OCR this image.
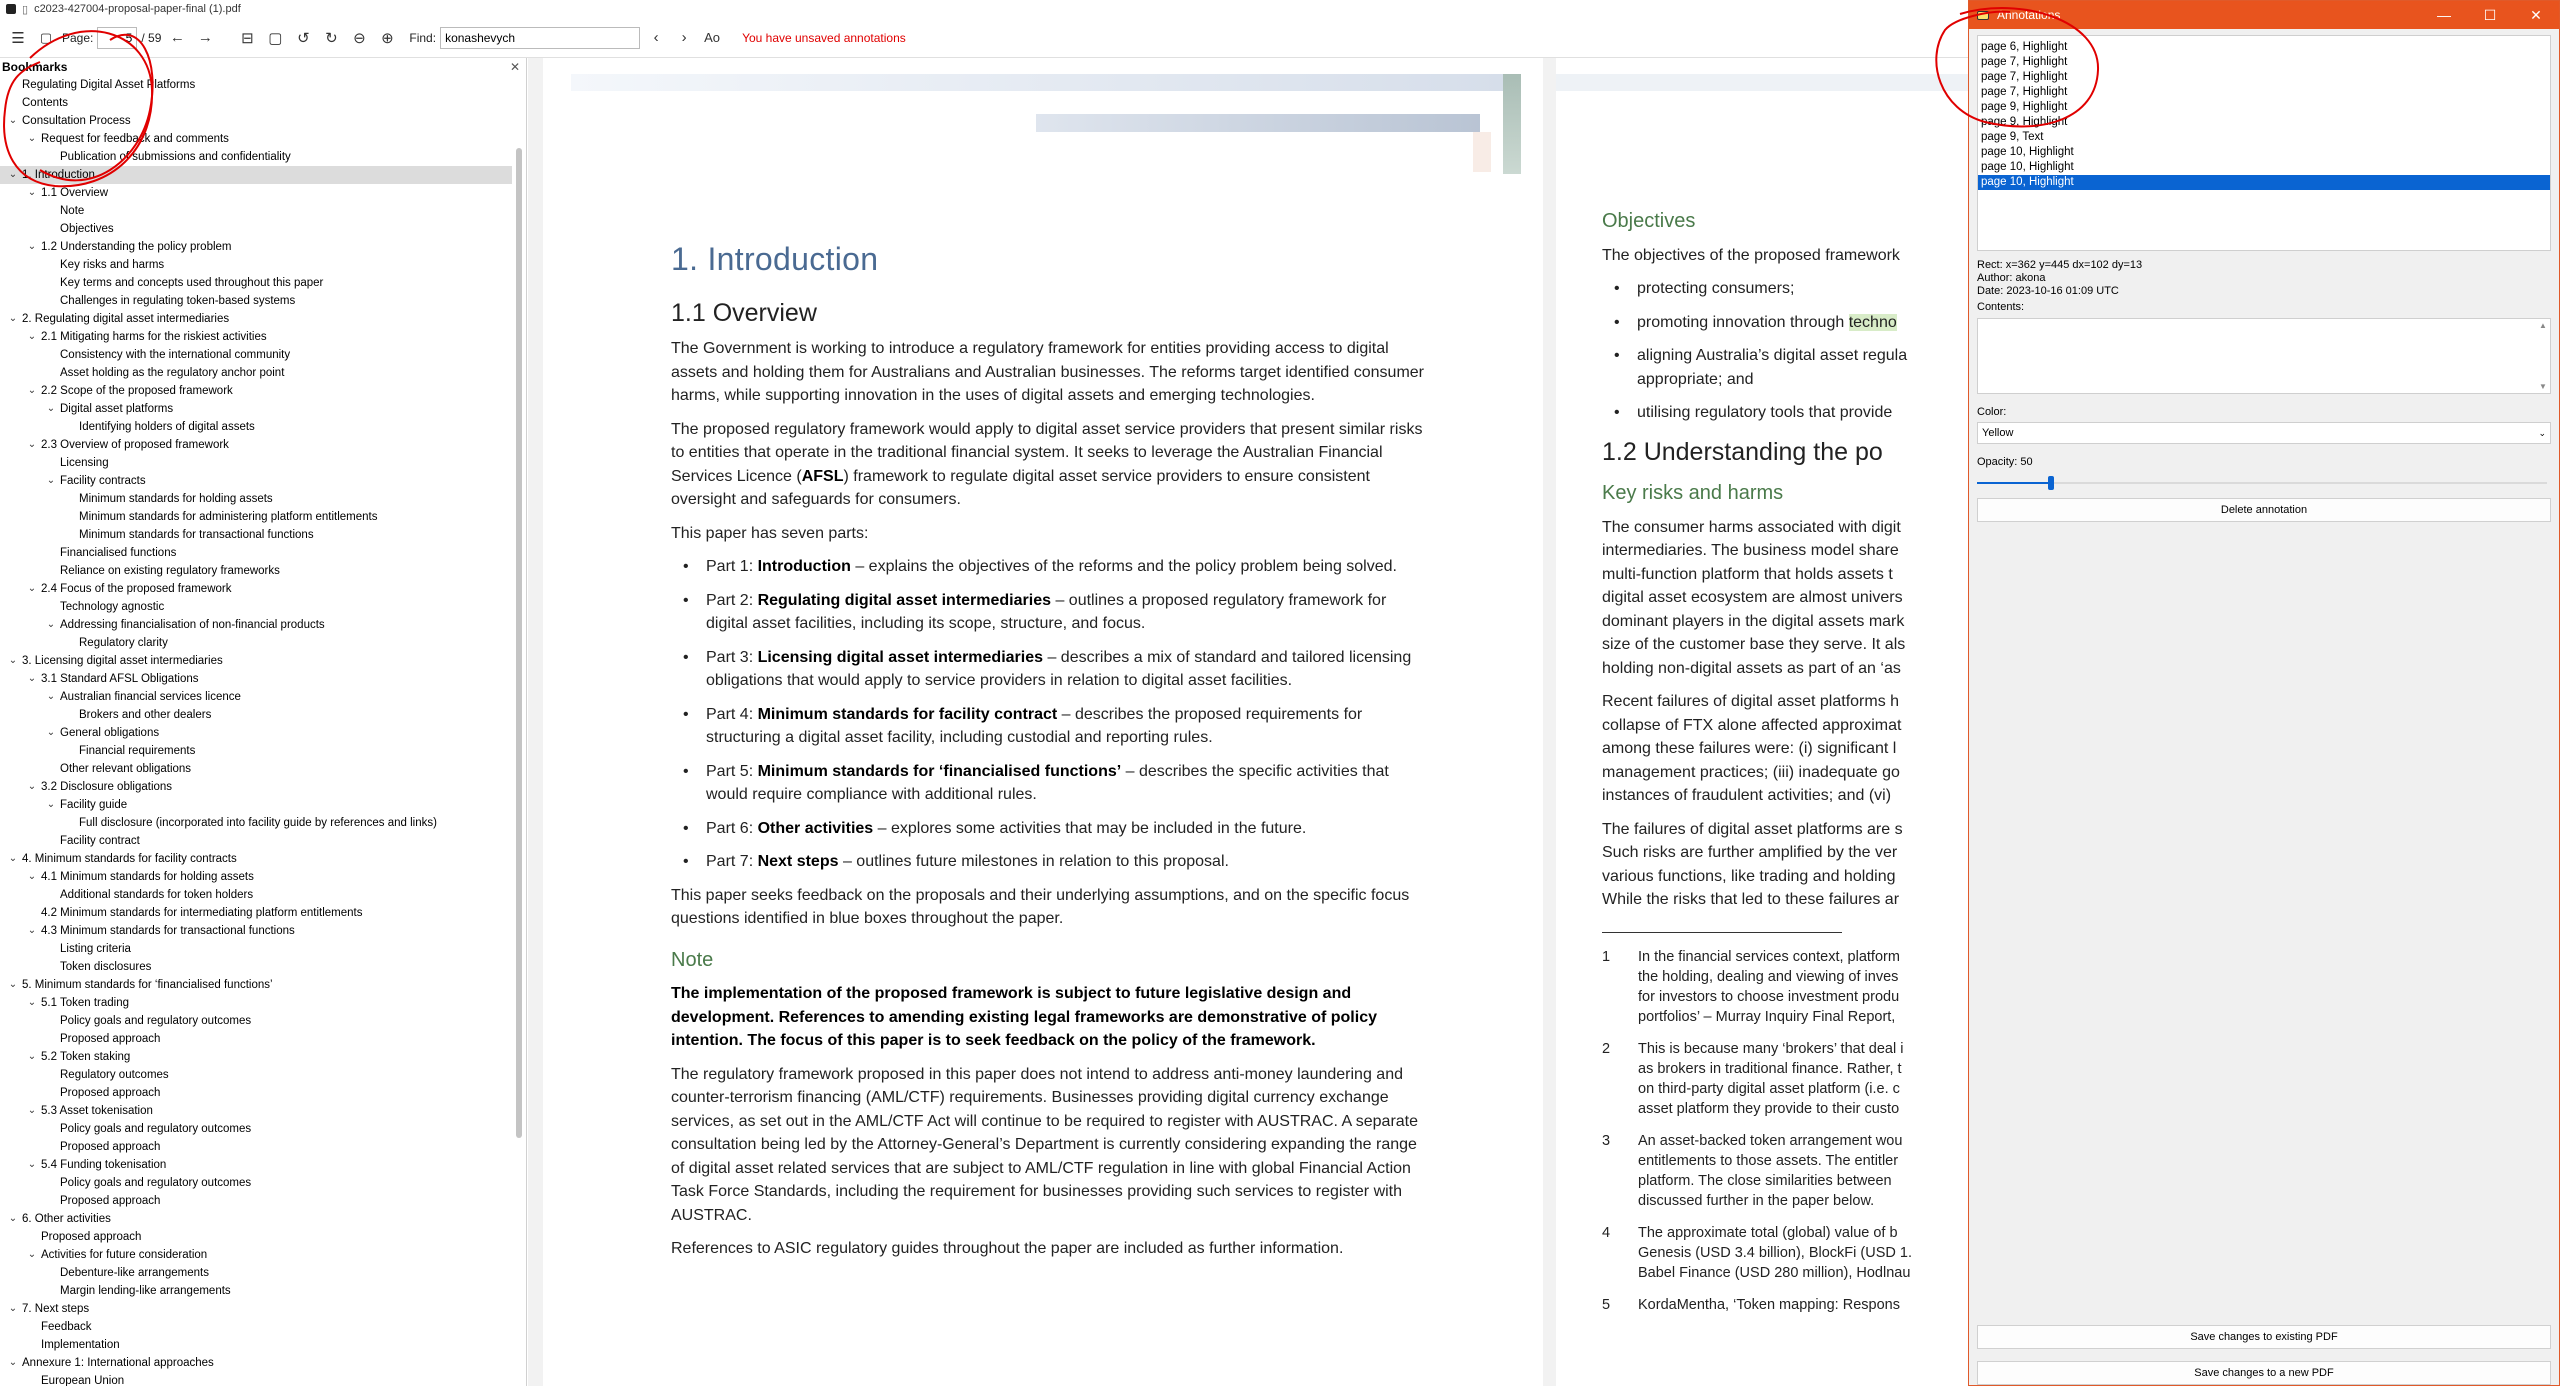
▯ c2023-427004-proposal-paper-final (1).pdf
☰	▢ Page:
5	/ 59 ← →	⊟ ▢ ↺	↻	⊖	⊕	Find:
konashevych	‹	›	Aᴏ	You have unsaved annotations
Bookmarks	✕
Regulating Digital Asset Platforms
Contents
⌄ Consultation Process
⌄ Request for feedback and comments
Publication of submissions and confidentiality
⌄ 1. Introduction
⌄ 1.1 Overview
Note
Objectives
⌄ 1.2 Understanding the policy problem
Key risks and harms
Key terms and concepts used throughout this paper
Challenges in regulating token-based systems
⌄ 2. Regulating digital asset intermediaries
⌄ 2.1 Mitigating harms for the riskiest activities
Consistency with the international community
Asset holding as the regulatory anchor point
⌄ 2.2 Scope of the proposed framework
⌄ Digital asset platforms
Identifying holders of digital assets
⌄ 2.3 Overview of proposed framework
Licensing
⌄ Facility contracts
Minimum standards for holding assets
Minimum standards for administering platform entitlements
Minimum standards for transactional functions
Financialised functions
Reliance on existing regulatory frameworks
⌄ 2.4 Focus of the proposed framework
Technology agnostic
⌄ Addressing financialisation of non-financial products
Regulatory clarity
⌄ 3. Licensing digital asset intermediaries
⌄ 3.1 Standard AFSL Obligations
⌄ Australian financial services licence
Brokers and other dealers
⌄ General obligations
Financial requirements
Other relevant obligations
⌄ 3.2 Disclosure obligations
⌄ Facility guide
Full disclosure (incorporated into facility guide by references and links)
Facility contract
⌄ 4. Minimum standards for facility contracts
⌄ 4.1 Minimum standards for holding assets
Additional standards for token holders
4.2 Minimum standards for intermediating platform entitlements
⌄ 4.3 Minimum standards for transactional functions
Listing criteria
Token disclosures
⌄ 5. Minimum standards for ‘financialised functions’
⌄ 5.1 Token trading
Policy goals and regulatory outcomes
Proposed approach
⌄ 5.2 Token staking
Regulatory outcomes
Proposed approach
⌄ 5.3 Asset tokenisation
Policy goals and regulatory outcomes
Proposed approach
⌄ 5.4 Funding tokenisation
Policy goals and regulatory outcomes
Proposed approach
⌄ 6. Other activities
Proposed approach
⌄ Activities for future consideration
Debenture-like arrangements
Margin lending-like arrangements
⌄ 7. Next steps
Feedback
Implementation
⌄ Annexure 1: International approaches
European Union
1. Introduction
1.1 Overview
The Government is working to introduce a regulatory framework for entities providing access to digital assets and holding them for Australians and Australian businesses. The reforms target identified consumer harms, while supporting innovation in the uses of digital assets and emerging technologies.
The proposed regulatory framework would apply to digital asset service providers that present similar risks to entities that operate in the traditional financial system. It seeks to leverage the Australian Financial Services Licence (AFSL) framework to regulate digital asset service providers to ensure consistent oversight and safeguards for consumers.
This paper has seven parts:
• Part 1: Introduction – explains the objectives of the reforms and the policy problem being solved.
• Part 2: Regulating digital asset intermediaries – outlines a proposed regulatory framework for digital asset facilities, including its scope, structure, and focus.
• Part 3: Licensing digital asset intermediaries – describes a mix of standard and tailored licensing obligations that would apply to service providers in relation to digital asset facilities.
• Part 4: Minimum standards for facility contract – describes the proposed requirements for structuring a digital asset facility, including custodial and reporting rules.
• Part 5: Minimum standards for ‘financialised functions’ – describes the specific activities that would require compliance with additional rules.
• Part 6: Other activities – explores some activities that may be included in the future.
• Part 7: Next steps – outlines future milestones in relation to this proposal.
This paper seeks feedback on the proposals and their underlying assumptions, and on the specific focus questions identified in blue boxes throughout the paper.
Note
The implementation of the proposed framework is subject to future legislative design and development. References to amending existing legal frameworks are demonstrative of policy intention. The focus of this paper is to seek feedback on the policy of the framework.
The regulatory framework proposed in this paper does not intend to address anti-money laundering and counter-terrorism financing (AML/CTF) requirements. Businesses providing digital currency exchange services, as set out in the AML/CTF Act will continue to be required to register with AUSTRAC. A separate consultation being led by the Attorney-General’s Department is currently considering expanding the range of digital asset related services that are subject to AML/CTF regulation in line with global Financial Action Task Force Standards, including the requirement for businesses providing such services to register with AUSTRAC.
References to ASIC regulatory guides throughout the paper are included as further information.
Objectives
The objectives of the proposed framework
• protecting consumers;
• promoting innovation through techno
• aligning Australia’s digital asset regula
appropriate; and
• utilising regulatory tools that provide
1.2 Understanding the po
Key risks and harms
The consumer harms associated with digit
intermediaries. The business model share
multi-function platform that holds assets t
digital asset ecosystem are almost univers
dominant players in the digital assets mark
size of the customer base they serve. It als
holding non-digital assets as part of an ‘as
Recent failures of digital asset platforms h
collapse of FTX alone affected approximat
among these failures were: (i) significant l
management practices; (iii) inadequate go
instances of fraudulent activities; and (vi)
The failures of digital asset platforms are s
Such risks are further amplified by the ver
various functions, like trading and holding
While the risks that led to these failures ar
1	In the financial services context, platform
the holding, dealing and viewing of inves
for investors to choose investment produ
portfolios’ – Murray Inquiry Final Report,
2	This is because many ‘brokers’ that deal i
as brokers in traditional finance. Rather, t
on third-party digital asset platform (i.e. c
asset platform they provide to their custo
3	An asset-backed token arrangement wou
entitlements to those assets. The entitler
platform. The close similarities between
discussed further in the paper below.
4	The approximate total (global) value of b
Genesis (USD 3.4 billion), BlockFi (USD 1.
Babel Finance (USD 280 million), Hodlnau
5	KordaMentha, ‘Token mapping: Respons
Annotations	—	☐	✕
page 6, Highlight
page 7, Highlight
page 7, Highlight
page 7, Highlight
page 9, Highlight
page 9, Highlight
page 9, Text
page 10, Highlight
page 10, Highlight
page 10, Highlight
Rect: x=362 y=445 dx=102 dy=13
Author: akona
Date: 2023-10-16 01:09 UTC
Contents:
▲
▼
Color:
Yellow	⌄
Opacity: 50
Delete annotation
Save changes to existing PDF
Save changes to a new PDF
